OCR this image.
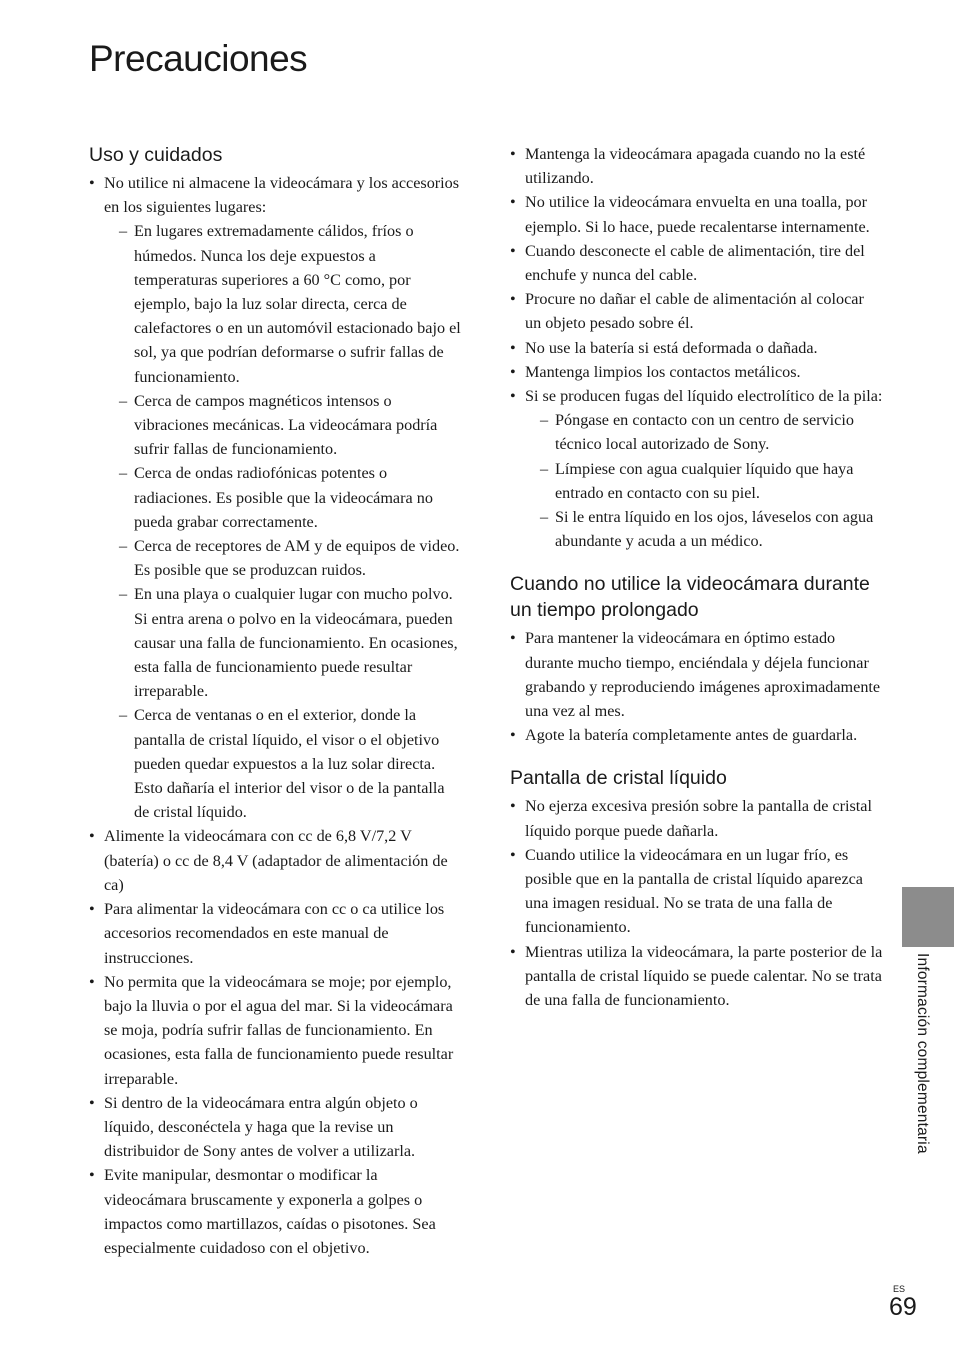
Precauciones
Uso y cuidados
• No utilice ni almacene la videocámara y los accesorios en los siguientes lugares:
– En lugares extremadamente cálidos, fríos o húmedos. Nunca los deje expuestos a temperaturas superiores a 60 °C como, por ejemplo, bajo la luz solar directa, cerca de calefactores o en un automóvil estacionado bajo el sol, ya que podrían deformarse o sufrir fallas de funcionamiento.
– Cerca de campos magnéticos intensos o vibraciones mecánicas. La videocámara podría sufrir fallas de funcionamiento.
– Cerca de ondas radiofónicas potentes o radiaciones. Es posible que la videocámara no pueda grabar correctamente.
– Cerca de receptores de AM y de equipos de video. Es posible que se produzcan ruidos.
– En una playa o cualquier lugar con mucho polvo. Si entra arena o polvo en la videocámara, pueden causar una falla de funcionamiento. En ocasiones, esta falla de funcionamiento puede resultar irreparable.
– Cerca de ventanas o en el exterior, donde la pantalla de cristal líquido, el visor o el objetivo pueden quedar expuestos a la luz solar directa. Esto dañaría el interior del visor o de la pantalla de cristal líquido.
• Alimente la videocámara con cc de 6,8 V/7,2 V (batería) o cc de 8,4 V (adaptador de alimentación de ca)
• Para alimentar la videocámara con cc o ca utilice los accesorios recomendados en este manual de instrucciones.
• No permita que la videocámara se moje; por ejemplo, bajo la lluvia o por el agua del mar. Si la videocámara se moja, podría sufrir fallas de funcionamiento. En ocasiones, esta falla de funcionamiento puede resultar irreparable.
• Si dentro de la videocámara entra algún objeto o líquido, desconéctela y haga que la revise un distribuidor de Sony antes de volver a utilizarla.
• Evite manipular, desmontar o modificar la videocámara bruscamente y exponerla a golpes o impactos como martillazos, caídas o pisotones. Sea especialmente cuidadoso con el objetivo.
• Mantenga la videocámara apagada cuando no la esté utilizando.
• No utilice la videocámara envuelta en una toalla, por ejemplo. Si lo hace, puede recalentarse internamente.
• Cuando desconecte el cable de alimentación, tire del enchufe y nunca del cable.
• Procure no dañar el cable de alimentación al colocar un objeto pesado sobre él.
• No use la batería si está deformada o dañada.
• Mantenga limpios los contactos metálicos.
• Si se producen fugas del líquido electrolítico de la pila:
– Póngase en contacto con un centro de servicio técnico local autorizado de Sony.
– Límpiese con agua cualquier líquido que haya entrado en contacto con su piel.
– Si le entra líquido en los ojos, láveselos con agua abundante y acuda a un médico.
Cuando no utilice la videocámara durante un tiempo prolongado
• Para mantener la videocámara en óptimo estado durante mucho tiempo, enciéndala y déjela funcionar grabando y reproduciendo imágenes aproximadamente una vez al mes.
• Agote la batería completamente antes de guardarla.
Pantalla de cristal líquido
• No ejerza excesiva presión sobre la pantalla de cristal líquido porque puede dañarla.
• Cuando utilice la videocámara en un lugar frío, es posible que en la pantalla de cristal líquido aparezca una imagen residual. No se trata de una falla de funcionamiento.
• Mientras utiliza la videocámara, la parte posterior de la pantalla de cristal líquido se puede calentar. No se trata de una falla de funcionamiento.	Información complementaria
ES
69
